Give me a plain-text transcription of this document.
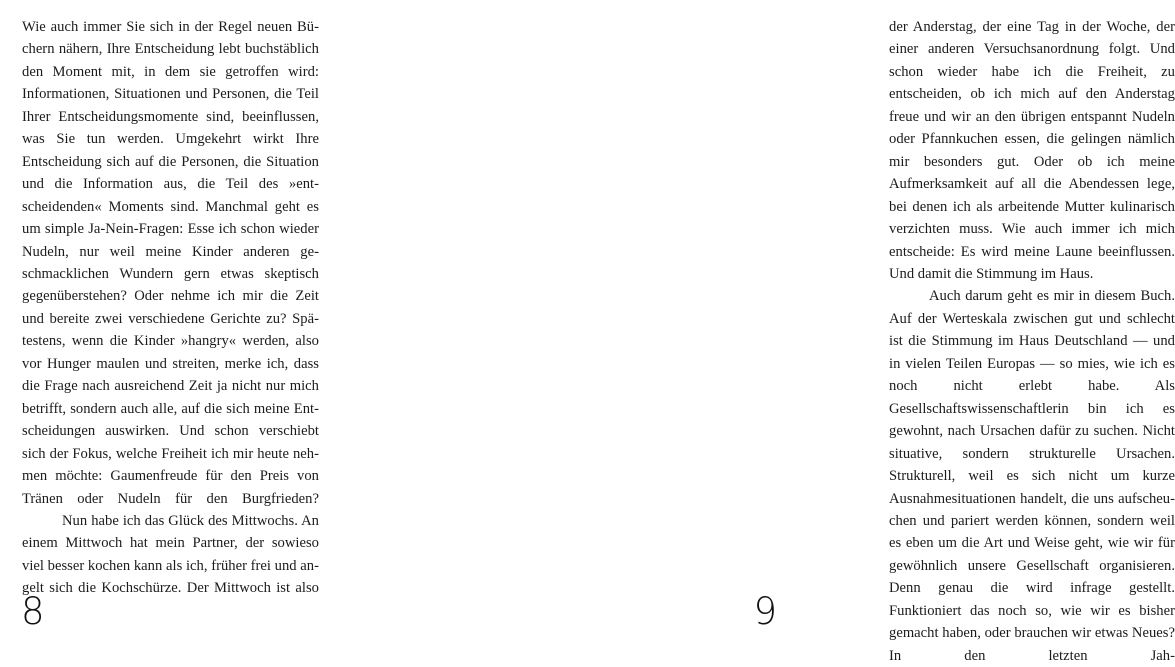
Wie auch immer Sie sich in der Regel neuen Büchern nähern, Ihre Entscheidung lebt buchstäblich den Moment mit, in dem sie getroffen wird: Informationen, Situationen und Personen, die Teil Ihrer Entscheidungsmomente sind, beeinflussen, was Sie tun werden. Umgekehrt wirkt Ihre Entscheidung sich auf die Personen, die Situation und die Information aus, die Teil des »entscheidenden« Moments sind. Manchmal geht es um simple Ja-Nein-Fragen: Esse ich schon wieder Nudeln, nur weil meine Kinder anderen geschmacklichen Wundern gern etwas skeptisch gegenüberstehen? Oder nehme ich mir die Zeit und bereite zwei verschiedene Gerichte zu? Spätestens, wenn die Kinder »hangry« werden, also vor Hunger maulen und streiten, merke ich, dass die Frage nach ausreichend Zeit ja nicht nur mich betrifft, sondern auch alle, auf die sich meine Entscheidungen auswirken. Und schon verschiebt sich der Fokus, welche Freiheit ich mir heute nehmen möchte: Gaumenfreude für den Preis von Tränen oder Nudeln für den Burgfrieden?

Nun habe ich das Glück des Mittwochs. An einem Mittwoch hat mein Partner, der sowieso viel besser kochen kann als ich, früher frei und angelt sich die Kochschürze. Der Mittwoch ist also

8

der Anderstag, der eine Tag in der Woche, der einer anderen Versuchsanordnung folgt. Und schon wieder habe ich die Freiheit, zu entscheiden, ob ich mich auf den Anderstag freue und wir an den übrigen entspannt Nudeln oder Pfannkuchen essen, die gelingen nämlich mir besonders gut. Oder ob ich meine Aufmerksamkeit auf all die Abendessen lege, bei denen ich als arbeitende Mutter kulinarisch verzichten muss. Wie auch immer ich mich entscheide: Es wird meine Laune beeinflussen. Und damit die Stimmung im Haus.

Auch darum geht es mir in diesem Buch. Auf der Werteskala zwischen gut und schlecht ist die Stimmung im Haus Deutschland — und in vielen Teilen Europas — so mies, wie ich es noch nicht erlebt habe. Als Gesellschaftswissenschaftlerin bin ich es gewohnt, nach Ursachen dafür zu suchen. Nicht situative, sondern strukturelle Ursachen. Strukturell, weil es sich nicht um kurze Ausnahmesituationen handelt, die uns aufscheuchen und pariert werden können, sondern weil es eben um die Art und Weise geht, wie wir für gewöhnlich unsere Gesellschaft organisieren. Denn genau die wird infrage gestellt. Funktioniert das noch so, wie wir es bisher gemacht haben, oder brauchen wir etwas Neues? In den letzten Jah-

9
